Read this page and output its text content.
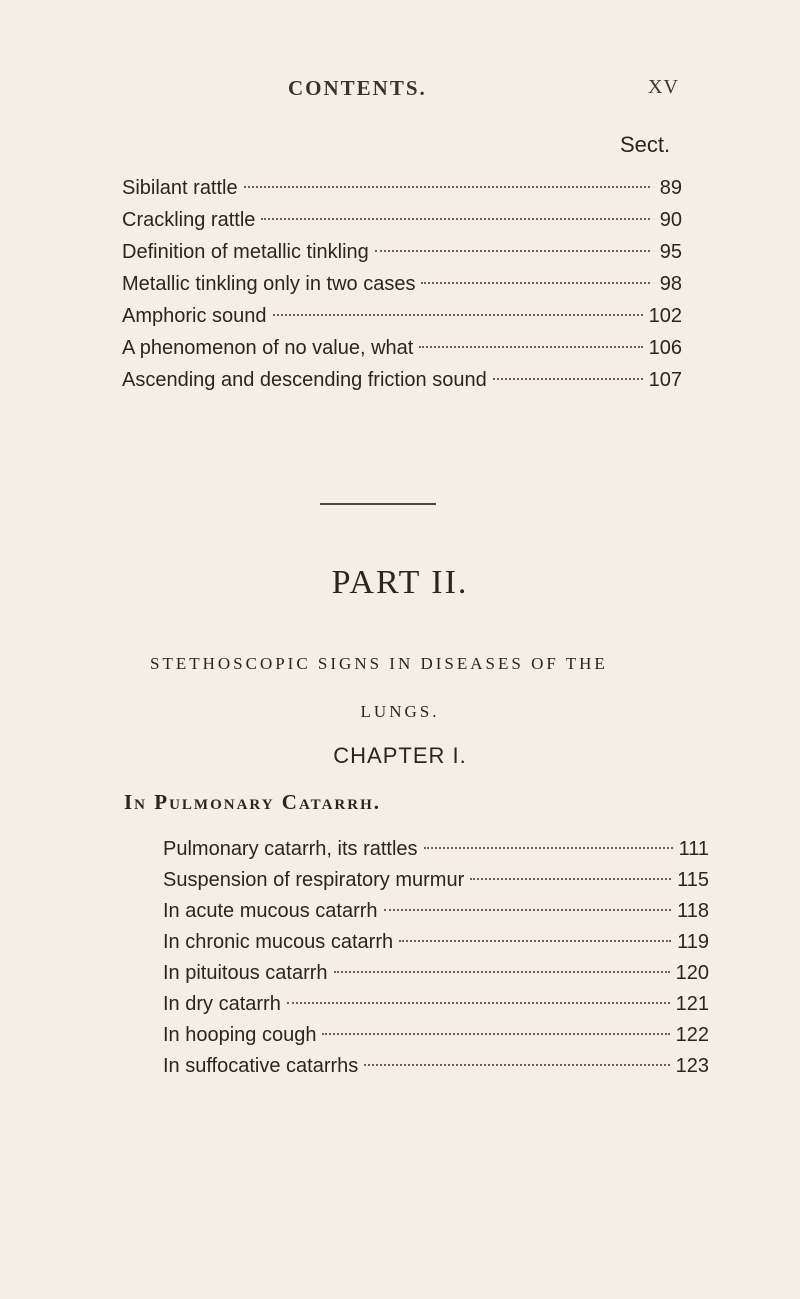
CONTENTS.	XV
Sect.
Sibilant rattle	89
Crackling rattle	90
Definition of metallic tinkling	95
Metallic tinkling only in two cases	98
Amphoric sound	102
A phenomenon of no value, what	106
Ascending and descending friction sound	107
PART II.
STETHOSCOPIC SIGNS IN DISEASES OF THE
LUNGS.
CHAPTER I.
In Pulmonary Catarrh.
Pulmonary catarrh, its rattles	111
Suspension of respiratory murmur	115
In acute mucous catarrh	118
In chronic mucous catarrh	119
In pituitous catarrh	120
In dry catarrh	121
In hooping cough	122
In suffocative catarrhs	123
